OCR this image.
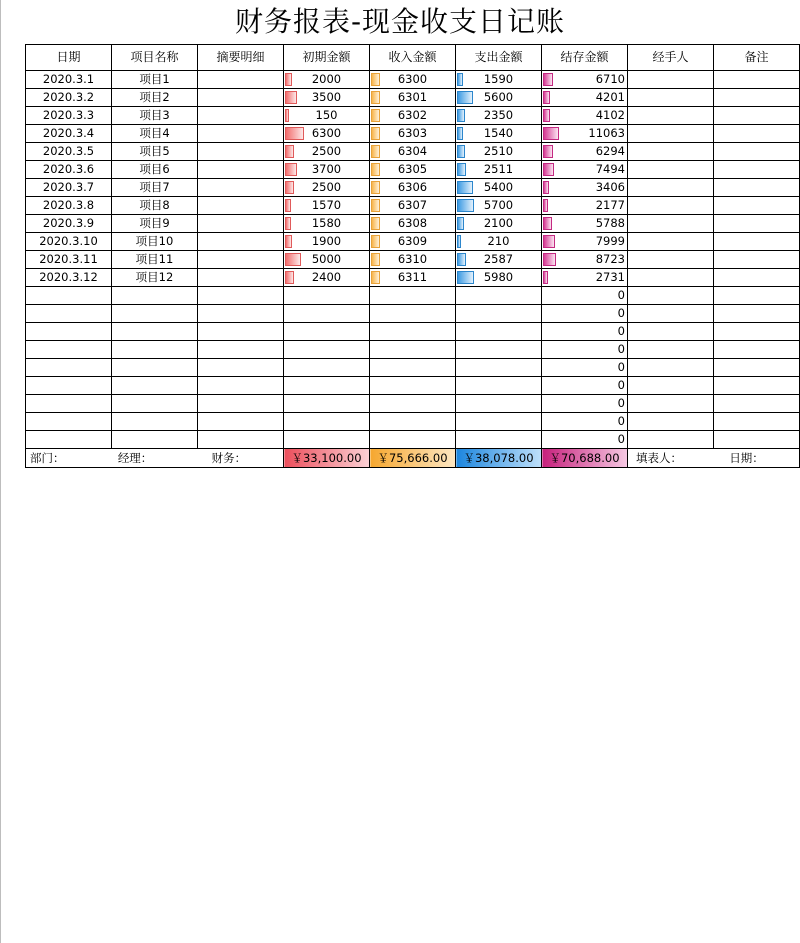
财务报表-现金收支日记账
日期	项目名称	摘要明细	初期金额	收入金额	支出金额	结存金额	经手人	备注
2020.3.1	项目1		2000	6300	1590	6710		
2020.3.2	项目2		3500	6301	5600	4201		
2020.3.3	项目3		150	6302	2350	4102		
2020.3.4	项目4		6300	6303	1540	11063		
2020.3.5	项目5		2500	6304	2510	6294		
2020.3.6	项目6		3700	6305	2511	7494		
2020.3.7	项目7		2500	6306	5400	3406		
2020.3.8	项目8		1570	6307	5700	2177		
2020.3.9	项目9		1580	6308	2100	5788		
2020.3.10	项目10		1900	6309	210	7999		
2020.3.11	项目11		5000	6310	2587	8723		
2020.3.12	项目12		2400	6311	5980	2731		
						0		
						0		
						0		
						0		
						0		
						0		
						0		
						0		
						0		
部门： 经理： 财务：			￥33,100.00	￥75,666.00	￥38,078.00	￥70,688.00	填表人： 日期：	
